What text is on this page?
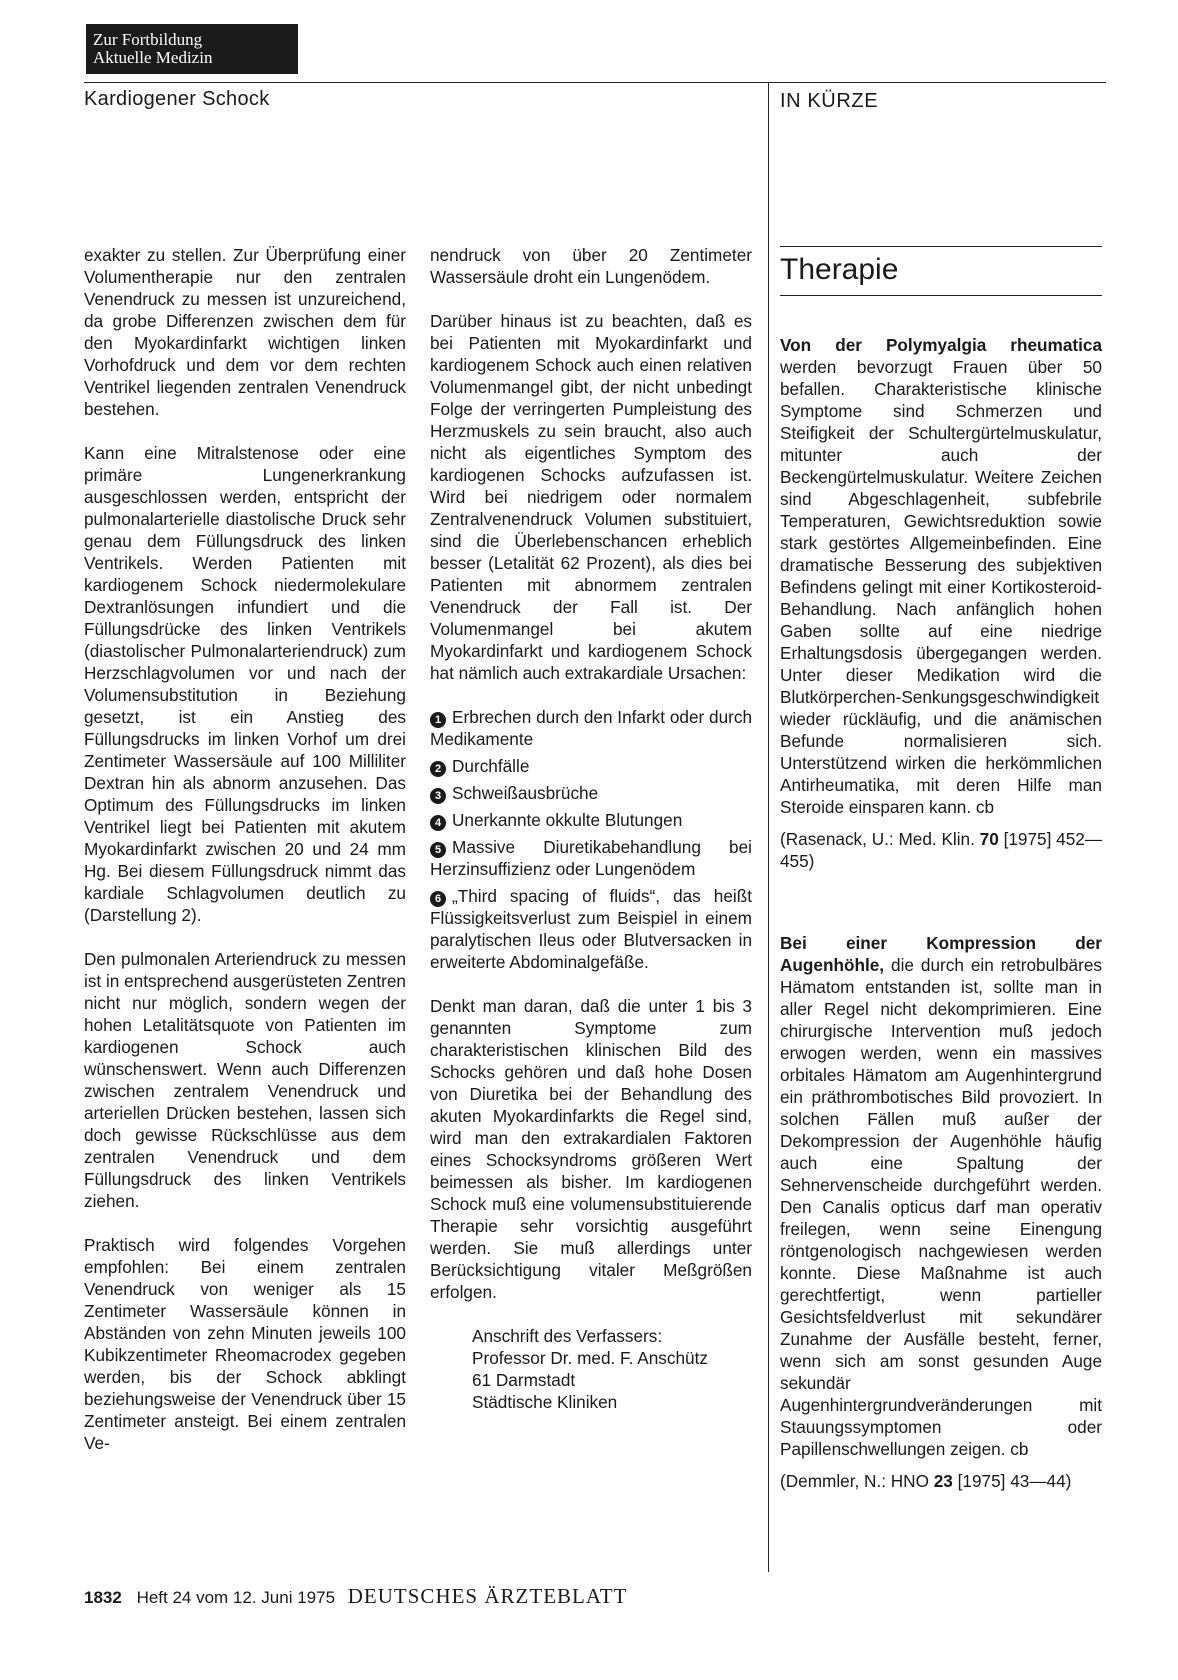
Zur Fortbildung
Aktuelle Medizin
Kardiogener Schock	IN KÜRZE

exakter zu stellen. Zur Überprüfung einer Volumentherapie nur den zentralen Venendruck zu messen ist unzureichend, da grobe Differenzen zwischen dem für den Myokardinfarkt wichtigen linken Vorhofdruck und dem vor dem rechten Ventrikel liegenden zentralen Venendruck bestehen.

Kann eine Mitralstenose oder eine primäre Lungenerkrankung ausgeschlossen werden, entspricht der pulmonalarterielle diastolische Druck sehr genau dem Füllungsdruck des linken Ventrikels. Werden Patienten mit kardiogenem Schock niedermolekulare Dextranlösungen infundiert und die Füllungsdrücke des linken Ventrikels (diastolischer Pulmonalarteriendruck) zum Herzschlagvolumen vor und nach der Volumensubstitution in Beziehung gesetzt, ist ein Anstieg des Füllungsdrucks im linken Vorhof um drei Zentimeter Wassersäule auf 100 Milliliter Dextran hin als abnorm anzusehen. Das Optimum des Füllungsdrucks im linken Ventrikel liegt bei Patienten mit akutem Myokardinfarkt zwischen 20 und 24 mm Hg. Bei diesem Füllungsdruck nimmt das kardiale Schlagvolumen deutlich zu (Darstellung 2).

Den pulmonalen Arteriendruck zu messen ist in entsprechend ausgerüsteten Zentren nicht nur möglich, sondern wegen der hohen Letalitätsquote von Patienten im kardiogenen Schock auch wünschenswert. Wenn auch Differenzen zwischen zentralem Venendruck und arteriellen Drücken bestehen, lassen sich doch gewisse Rückschlüsse aus dem zentralen Venendruck und dem Füllungsdruck des linken Ventrikels ziehen.

Praktisch wird folgendes Vorgehen empfohlen: Bei einem zentralen Venendruck von weniger als 15 Zentimeter Wassersäule können in Abständen von zehn Minuten jeweils 100 Kubikzentimeter Rheomacrodex gegeben werden, bis der Schock abklingt beziehungsweise der Venendruck über 15 Zentimeter ansteigt. Bei einem zentralen Ve-

nendruck von über 20 Zentimeter Wassersäule droht ein Lungenödem.

Darüber hinaus ist zu beachten, daß es bei Patienten mit Myokardinfarkt und kardiogenem Schock auch einen relativen Volumenmangel gibt, der nicht unbedingt Folge der verringerten Pumpleistung des Herzmuskels zu sein braucht, also auch nicht als eigentliches Symptom des kardiogenen Schocks aufzufassen ist. Wird bei niedrigem oder normalem Zentralvenendruck Volumen substituiert, sind die Überlebenschancen erheblich besser (Letalität 62 Prozent), als dies bei Patienten mit abnormem zentralen Venendruck der Fall ist. Der Volumenmangel bei akutem Myokardinfarkt und kardiogenem Schock hat nämlich auch extrakardiale Ursachen:

1 Erbrechen durch den Infarkt oder durch Medikamente
2 Durchfälle
3 Schweißausbrüche
4 Unerkannte okkulte Blutungen
5 Massive Diuretikabehandlung bei Herzinsuffizienz oder Lungenödem
6 „Third spacing of fluids“, das heißt Flüssigkeitsverlust zum Beispiel in einem paralytischen Ileus oder Blutversacken in erweiterte Abdominalgefäße.

Denkt man daran, daß die unter 1 bis 3 genannten Symptome zum charakteristischen klinischen Bild des Schocks gehören und daß hohe Dosen von Diuretika bei der Behandlung des akuten Myokardinfarkts die Regel sind, wird man den extrakardialen Faktoren eines Schocksyndroms größeren Wert beimessen als bisher. Im kardiogenen Schock muß eine volumensubstituierende Therapie sehr vorsichtig ausgeführt werden. Sie muß allerdings unter Berücksichtigung vitaler Meßgrößen erfolgen.

Anschrift des Verfassers:
Professor Dr. med. F. Anschütz
61 Darmstadt
Städtische Kliniken
Therapie

Von der Polymyalgia rheumatica werden bevorzugt Frauen über 50 befallen. Charakteristische klinische Symptome sind Schmerzen und Steifigkeit der Schultergürtelmuskulatur, mitunter auch der Beckengürtelmuskulatur. Weitere Zeichen sind Abgeschlagenheit, subfebrile Temperaturen, Gewichtsreduktion sowie stark gestörtes Allgemeinbefinden. Eine dramatische Besserung des subjektiven Befindens gelingt mit einer Kortikosteroid-Behandlung. Nach anfänglich hohen Gaben sollte auf eine niedrige Erhaltungsdosis übergegangen werden. Unter dieser Medikation wird die Blutkörperchen-Senkungsgeschwindigkeit wieder rückläufig, und die anämischen Befunde normalisieren sich. Unterstützend wirken die herkömmlichen Antirheumatika, mit deren Hilfe man Steroide einsparen kann. cb

(Rasenack, U.: Med. Klin. 70 [1975] 452—455)

Bei einer Kompression der Augenhöhle, die durch ein retrobulbäres Hämatom entstanden ist, sollte man in aller Regel nicht dekomprimieren. Eine chirurgische Intervention muß jedoch erwogen werden, wenn ein massives orbitales Hämatom am Augenhintergrund ein präthrombotisches Bild provoziert. In solchen Fällen muß außer der Dekompression der Augenhöhle häufig auch eine Spaltung der Sehnervenscheide durchgeführt werden. Den Canalis opticus darf man operativ freilegen, wenn seine Einengung röntgenologisch nachgewiesen werden konnte. Diese Maßnahme ist auch gerechtfertigt, wenn partieller Gesichtsfeldverlust mit sekundärer Zunahme der Ausfälle besteht, ferner, wenn sich am sonst gesunden Auge sekundär Augenhintergrundveränderungen mit Stauungssymptomen oder Papillenschwellungen zeigen. cb

(Demmler, N.: HNO 23 [1975] 43—44)

1832 Heft 24 vom 12. Juni 1975 DEUTSCHES ÄRZTEBLATT
